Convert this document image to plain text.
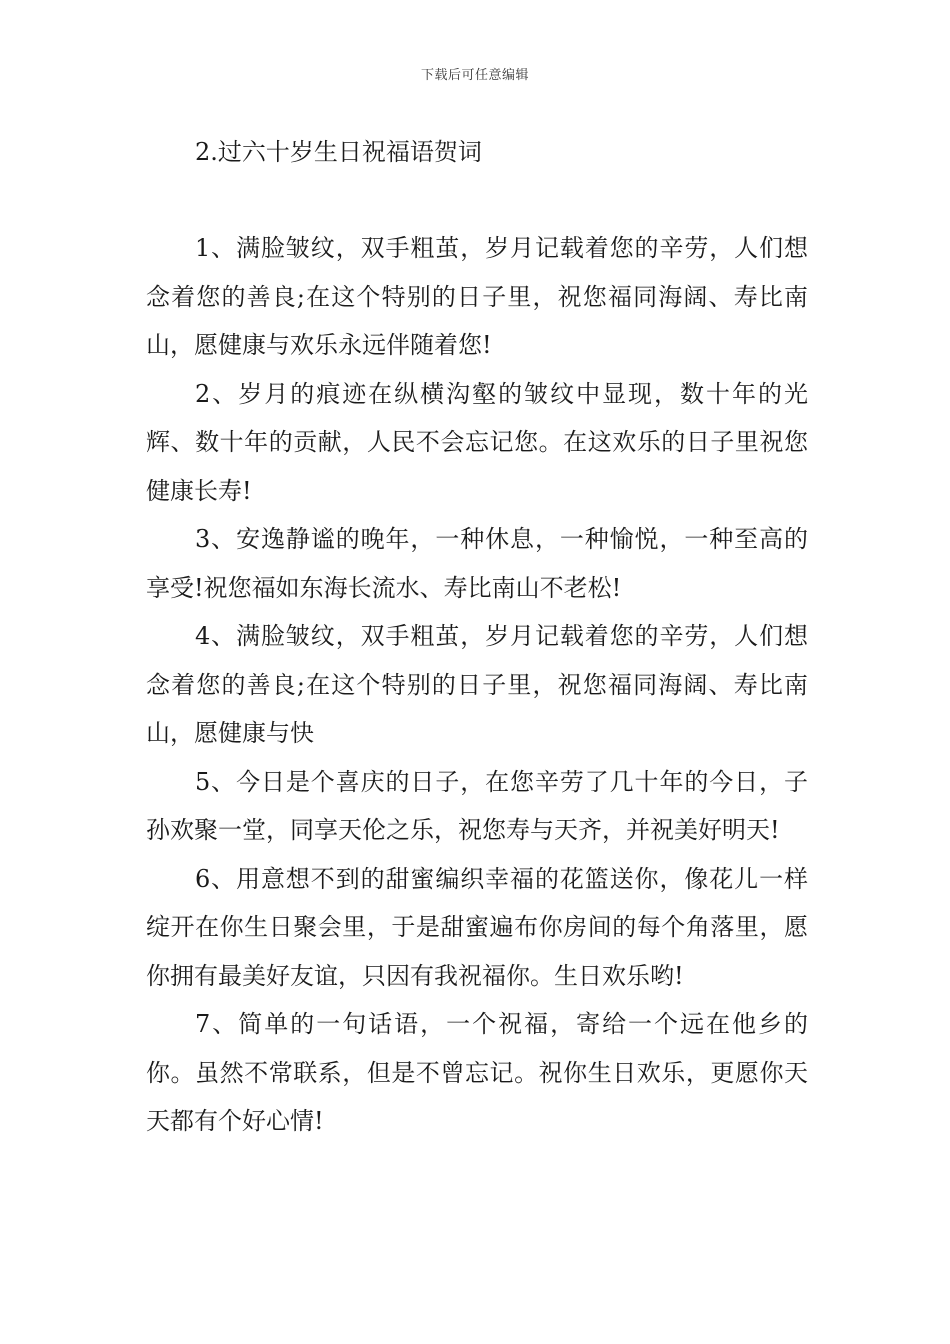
下载后可任意编辑
2.过六十岁生日祝福语贺词

1、满脸皱纹，双手粗茧，岁月记载着您的辛劳，人们想念着您的善良;在这个特别的日子里，祝您福同海阔、寿比南山，愿健康与欢乐永远伴随着您!

2、岁月的痕迹在纵横沟壑的皱纹中显现，数十年的光辉、数十年的贡献，人民不会忘记您。在这欢乐的日子里祝您健康长寿!

3、安逸静谧的晚年，一种休息，一种愉悦，一种至高的享受!祝您福如东海长流水、寿比南山不老松!

4、满脸皱纹，双手粗茧，岁月记载着您的辛劳，人们想念着您的善良;在这个特别的日子里，祝您福同海阔、寿比南山，愿健康与快

5、今日是个喜庆的日子，在您辛劳了几十年的今日，子孙欢聚一堂，同享天伦之乐，祝您寿与天齐，并祝美好明天!

6、用意想不到的甜蜜编织幸福的花篮送你，像花儿一样绽开在你生日聚会里，于是甜蜜遍布你房间的每个角落里，愿你拥有最美好友谊，只因有我祝福你。生日欢乐哟!

7、简单的一句话语，一个祝福，寄给一个远在他乡的你。虽然不常联系，但是不曾忘记。祝你生日欢乐，更愿你天天都有个好心情!
